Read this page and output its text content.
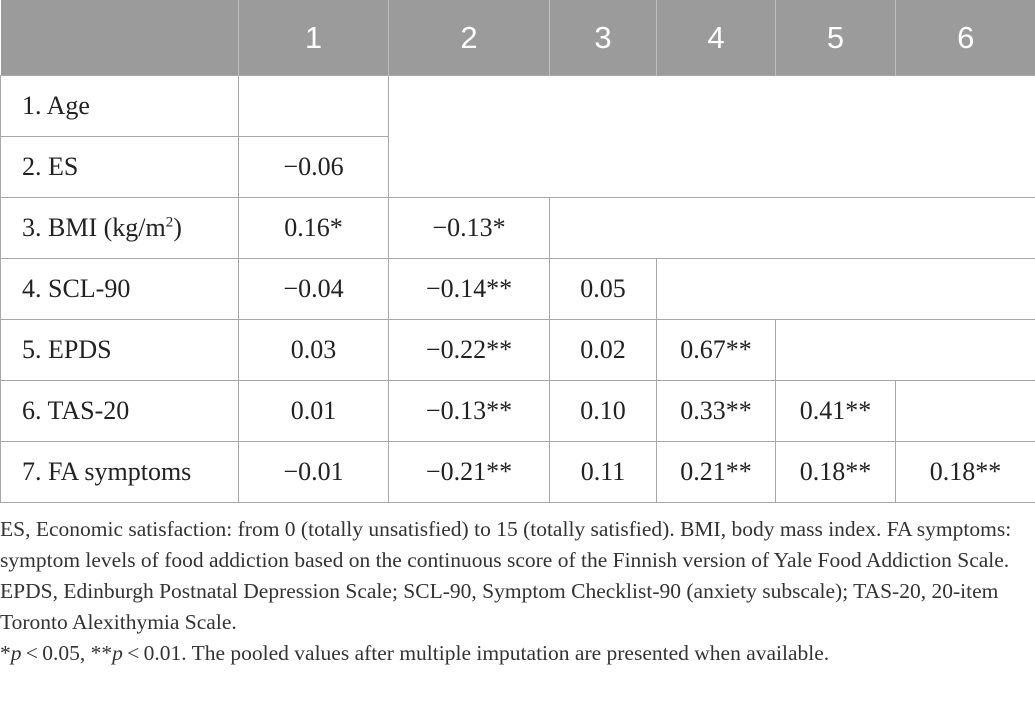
	1	2	3	4	5	6
1. Age						
2. ES	−0.06					
3. BMI $(kg/m^2)$	0.16*	−0.13*				
4. SCL-90	−0.04	−0.14**	0.05			
5. EPDS	0.03	−0.22**	0.02	0.67**		
6. TAS-20	0.01	−0.13**	0.10	0.33**	0.41**	
7. FA symptoms	−0.01	−0.21**	0.11	0.21**	0.18**	0.18**

ES, Economic satisfaction: from 0 (totally unsatisfied) to 15 (totally satisfied). BMI, body mass index. FA symptoms: symptom levels of food addiction based on the continuous score of the Finnish version of Yale Food Addiction Scale. EPDS, Edinburgh Postnatal Depression Scale; SCL-90, Symptom Checklist-90 (anxiety subscale); TAS-20, 20-item Toronto Alexithymia Scale.

*p < 0.05, **p < 0.01. The pooled values after multiple imputation are presented when available.
